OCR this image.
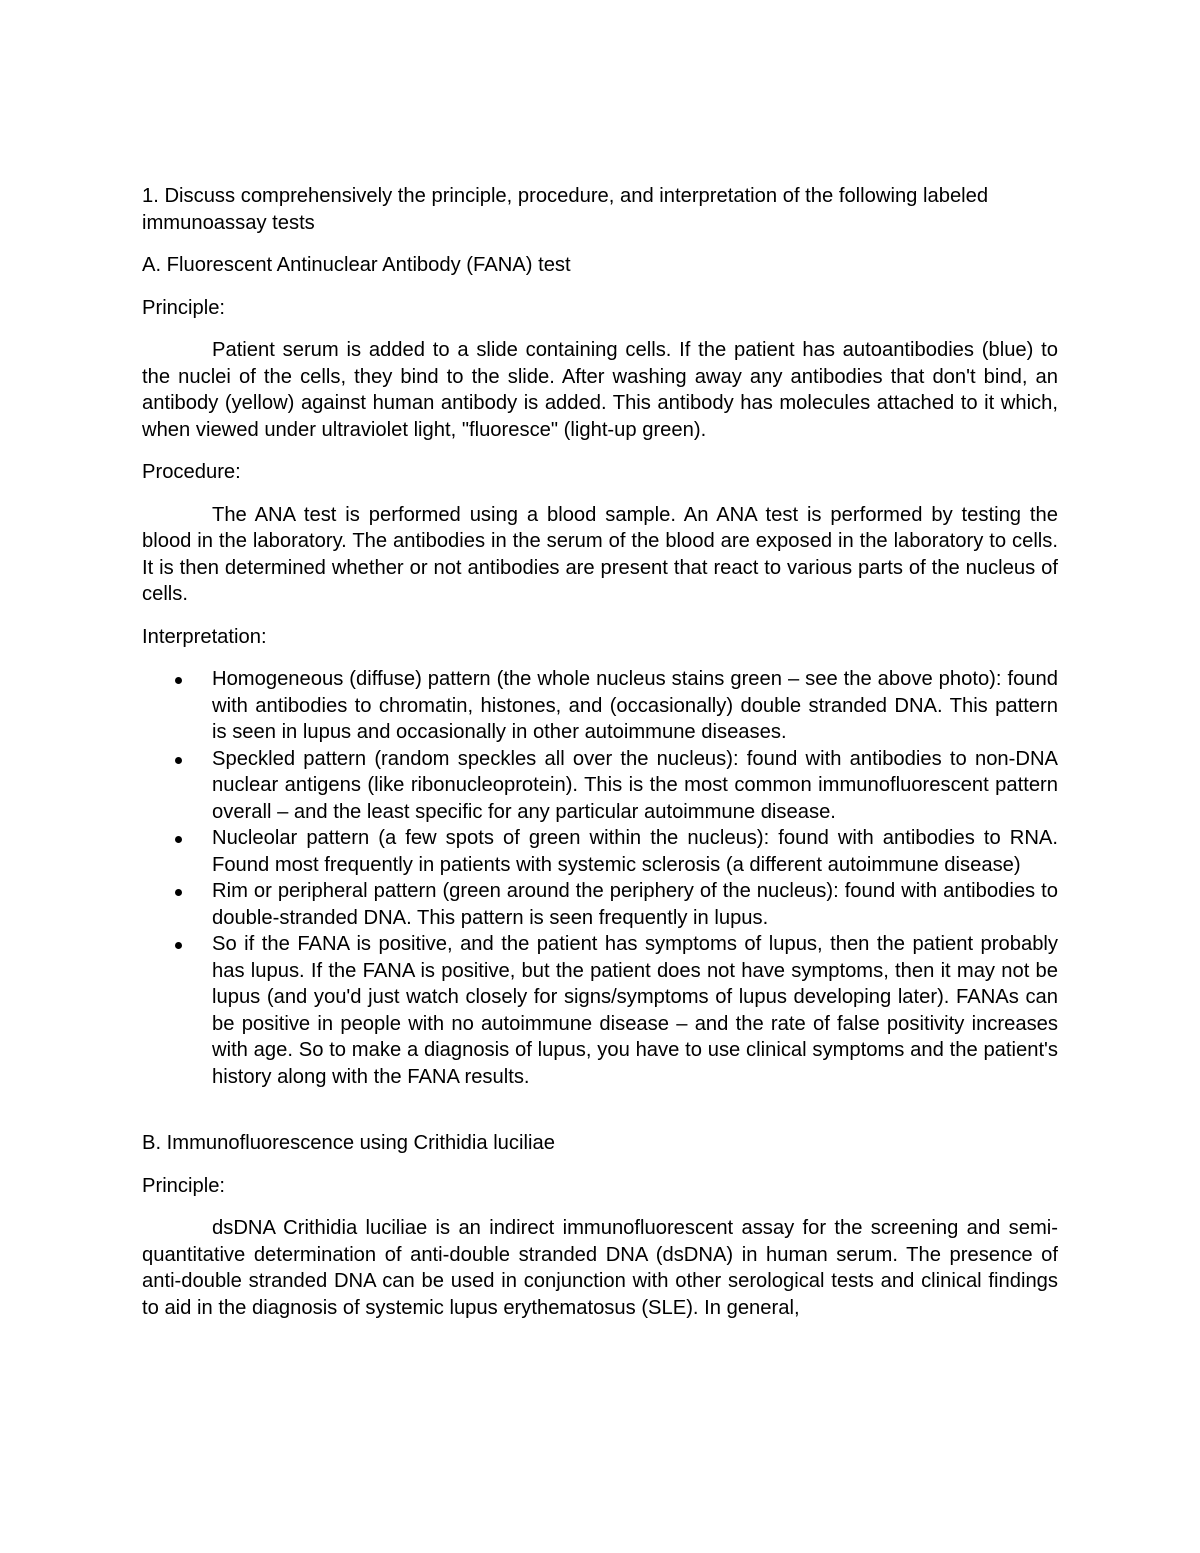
1. Discuss comprehensively the principle, procedure, and interpretation of the following labeled immunoassay tests

A. Fluorescent Antinuclear Antibody (FANA) test

Principle:

Patient serum is added to a slide containing cells. If the patient has autoantibodies (blue) to the nuclei of the cells, they bind to the slide. After washing away any antibodies that don't bind, an antibody (yellow) against human antibody is added. This antibody has molecules attached to it which, when viewed under ultraviolet light, "fluoresce" (light-up green).

Procedure:

The ANA test is performed using a blood sample. An ANA test is performed by testing the blood in the laboratory. The antibodies in the serum of the blood are exposed in the laboratory to cells. It is then determined whether or not antibodies are present that react to various parts of the nucleus of cells.

Interpretation:

Homogeneous (diffuse) pattern (the whole nucleus stains green – see the above photo): found with antibodies to chromatin, histones, and (occasionally) double stranded DNA. This pattern is seen in lupus and occasionally in other autoimmune diseases.
Speckled pattern (random speckles all over the nucleus): found with antibodies to non-DNA nuclear antigens (like ribonucleoprotein). This is the most common immunofluorescent pattern overall – and the least specific for any particular autoimmune disease.
Nucleolar pattern (a few spots of green within the nucleus): found with antibodies to RNA. Found most frequently in patients with systemic sclerosis (a different autoimmune disease)
Rim or peripheral pattern (green around the periphery of the nucleus): found with antibodies to double-stranded DNA. This pattern is seen frequently in lupus.
So if the FANA is positive, and the patient has symptoms of lupus, then the patient probably has lupus. If the FANA is positive, but the patient does not have symptoms, then it may not be lupus (and you'd just watch closely for signs/symptoms of lupus developing later). FANAs can be positive in people with no autoimmune disease – and the rate of false positivity increases with age. So to make a diagnosis of lupus, you have to use clinical symptoms and the patient's history along with the FANA results.

B. Immunofluorescence using Crithidia luciliae

Principle:

dsDNA Crithidia luciliae is an indirect immunofluorescent assay for the screening and semi-quantitative determination of anti-double stranded DNA (dsDNA) in human serum. The presence of anti-double stranded DNA can be used in conjunction with other serological tests and clinical findings to aid in the diagnosis of systemic lupus erythematosus (SLE). In general,
